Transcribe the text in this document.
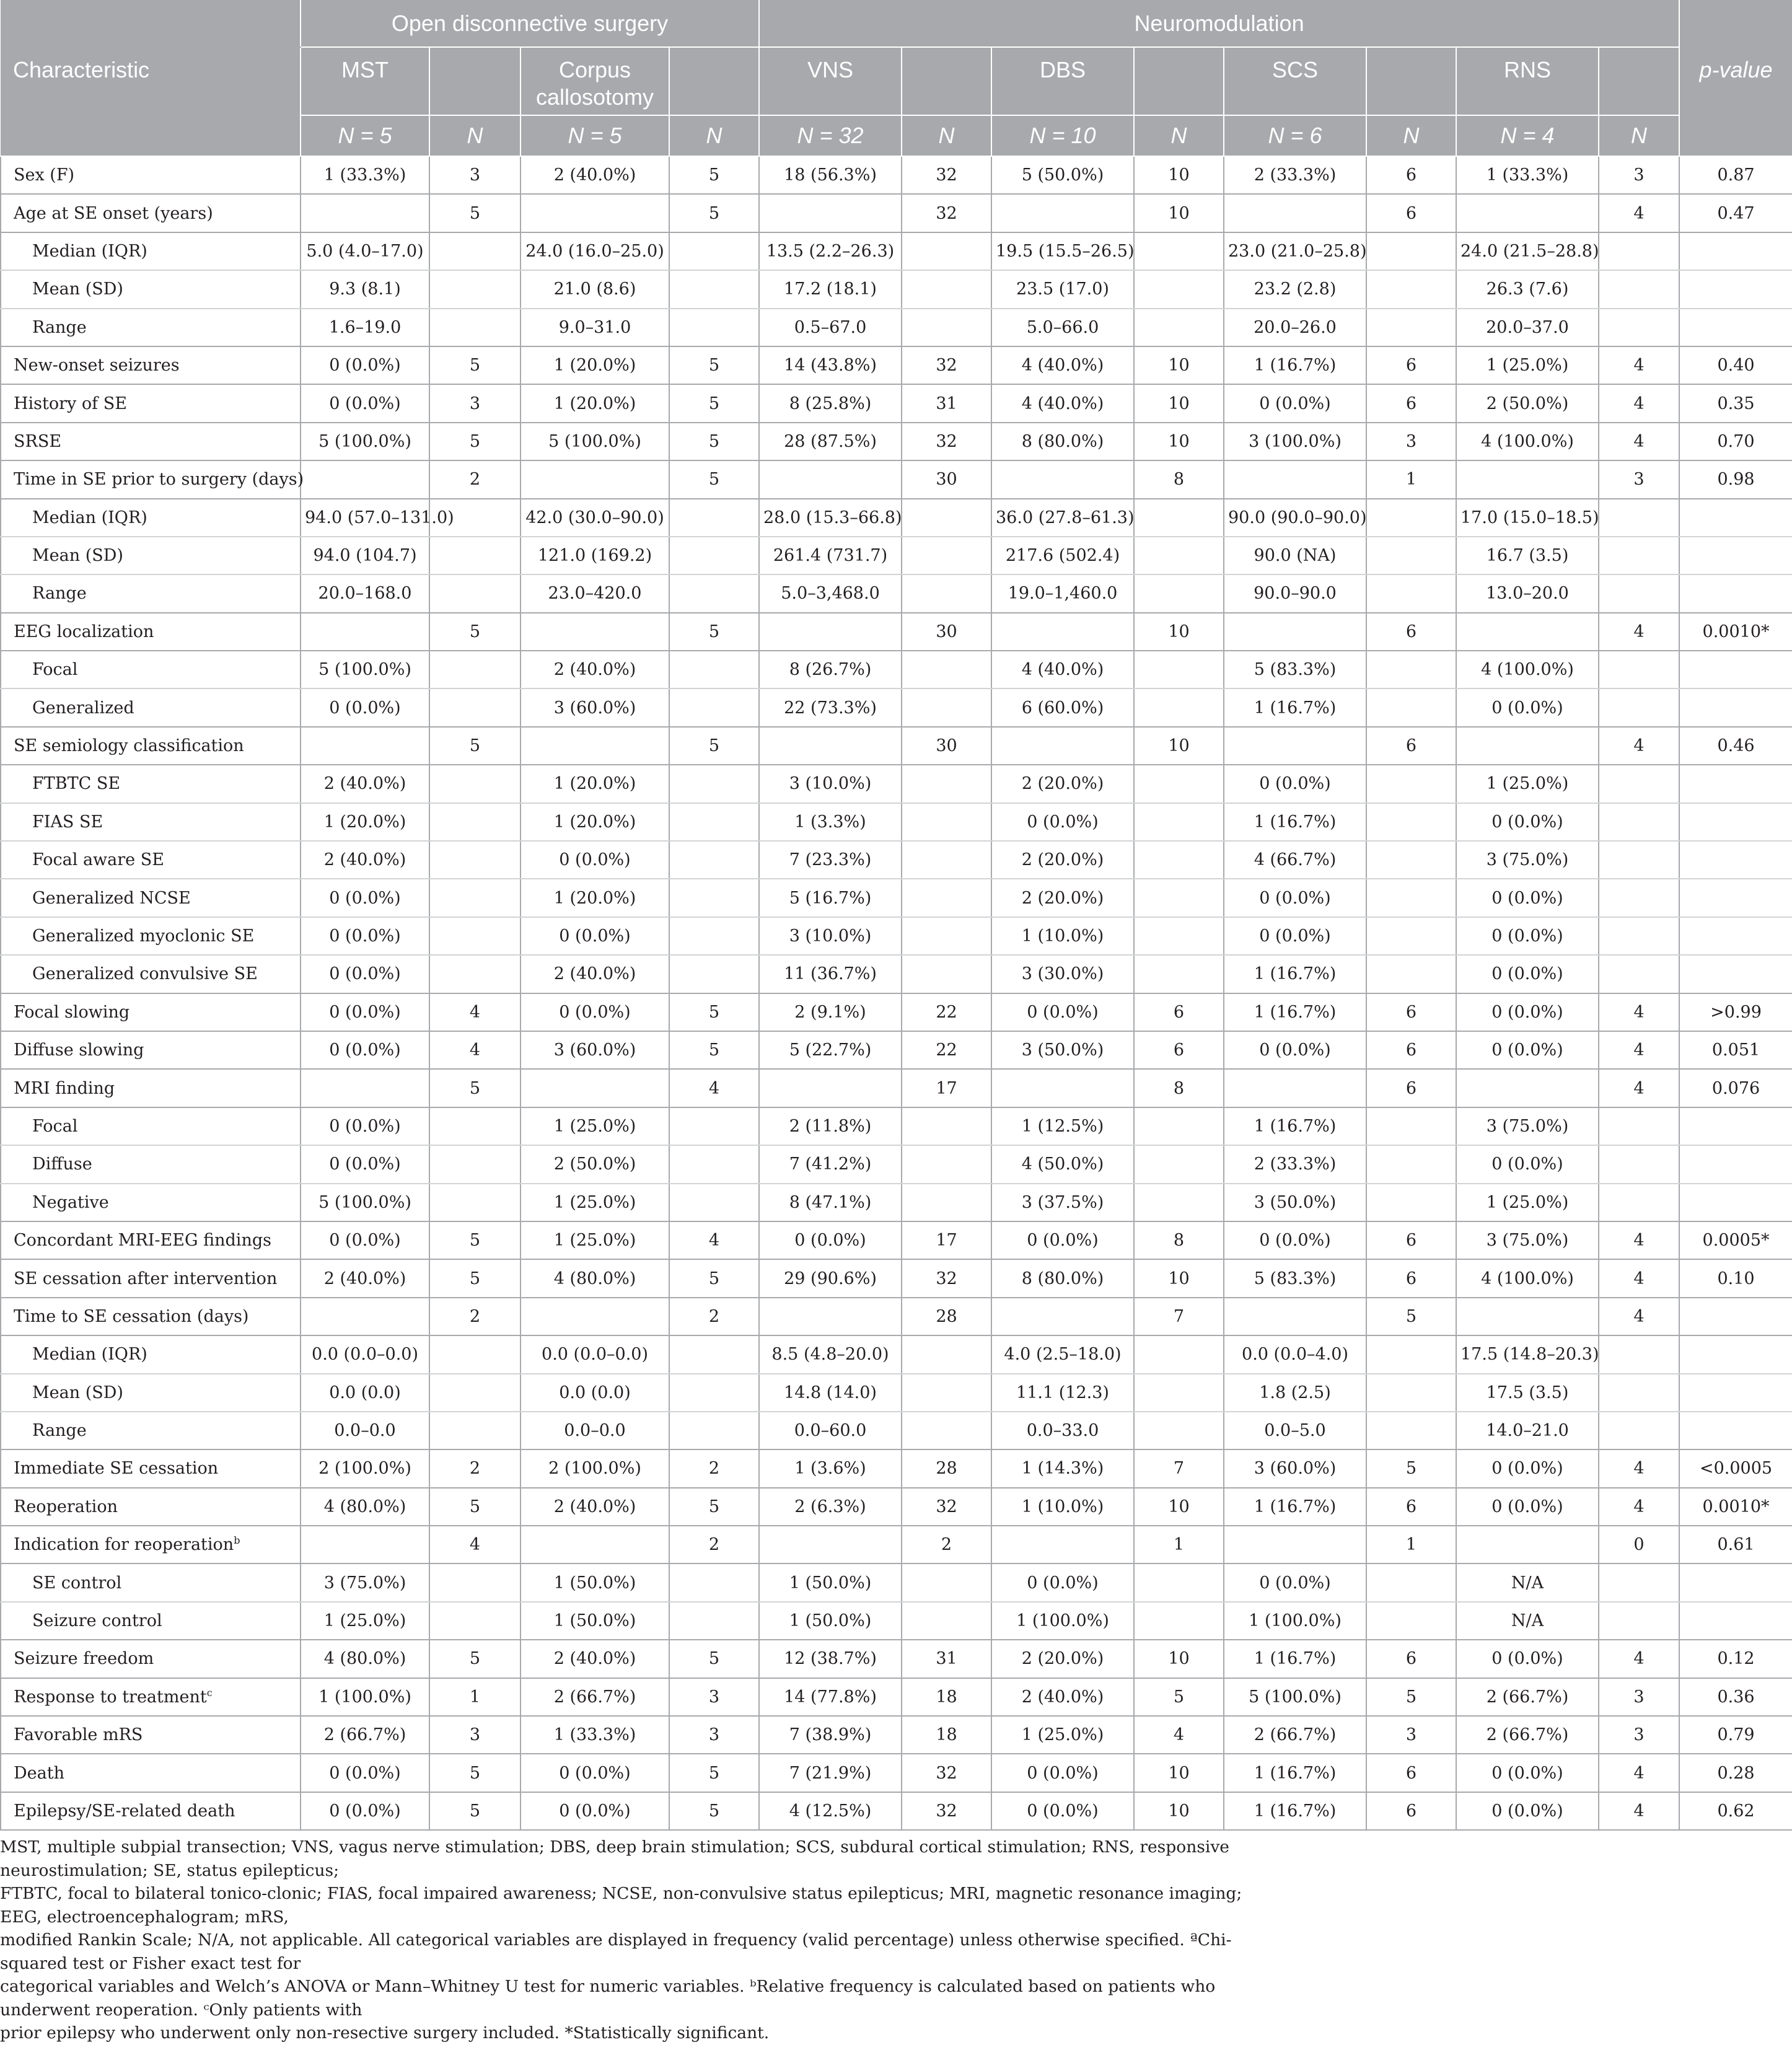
	Open disconnective surgery				Neuromodulation								
Characteristic	MST		Corpus callosotomy		VNS		DBS		SCS		RNS		p-value
	N = 5	N	N = 5	N	N = 32	N	N = 10	N	N = 6	N	N = 4	N	
Sex (F)	1 (33.3%)	3	2 (40.0%)	5	18 (56.3%)	32	5 (50.0%)	10	2 (33.3%)	6	1 (33.3%)	3	0.87
Age at SE onset (years)		5		5		32		10		6		4	0.47
Median (IQR)	5.0 (4.0–17.0)		24.0 (16.0–25.0)		13.5 (2.2–26.3)		19.5 (15.5–26.5)		23.0 (21.0–25.8)		24.0 (21.5–28.8)		
Mean (SD)	9.3 (8.1)		21.0 (8.6)		17.2 (18.1)		23.5 (17.0)		23.2 (2.8)		26.3 (7.6)		
Range	1.6–19.0		9.0–31.0		0.5–67.0		5.0–66.0		20.0–26.0		20.0–37.0		
New-onset seizures	0 (0.0%)	5	1 (20.0%)	5	14 (43.8%)	32	4 (40.0%)	10	1 (16.7%)	6	1 (25.0%)	4	0.40
History of SE	0 (0.0%)	3	1 (20.0%)	5	8 (25.8%)	31	4 (40.0%)	10	0 (0.0%)	6	2 (50.0%)	4	0.35
SRSE	5 (100.0%)	5	5 (100.0%)	5	28 (87.5%)	32	8 (80.0%)	10	3 (100.0%)	3	4 (100.0%)	4	0.70
Time in SE prior to surgery (days)		2		5		30		8		1		3	0.98
Median (IQR)	94.0 (57.0–131.0)		42.0 (30.0–90.0)		28.0 (15.3–66.8)		36.0 (27.8–61.3)		90.0 (90.0–90.0)		17.0 (15.0–18.5)		
Mean (SD)	94.0 (104.7)		121.0 (169.2)		261.4 (731.7)		217.6 (502.4)		90.0 (NA)		16.7 (3.5)		
Range	20.0–168.0		23.0–420.0		5.0–3,468.0		19.0–1,460.0		90.0–90.0		13.0–20.0		
EEG localization		5		5		30		10		6		4	0.0010*
Focal	5 (100.0%)		2 (40.0%)		8 (26.7%)		4 (40.0%)		5 (83.3%)		4 (100.0%)		
Generalized	0 (0.0%)		3 (60.0%)		22 (73.3%)		6 (60.0%)		1 (16.7%)		0 (0.0%)		
SE semiology classification		5		5		30		10		6		4	0.46
FTBTC SE	2 (40.0%)		1 (20.0%)		3 (10.0%)		2 (20.0%)		0 (0.0%)		1 (25.0%)		
FIAS SE	1 (20.0%)		1 (20.0%)		1 (3.3%)		0 (0.0%)		1 (16.7%)		0 (0.0%)		
Focal aware SE	2 (40.0%)		0 (0.0%)		7 (23.3%)		2 (20.0%)		4 (66.7%)		3 (75.0%)		
Generalized NCSE	0 (0.0%)		1 (20.0%)		5 (16.7%)		2 (20.0%)		0 (0.0%)		0 (0.0%)		
Generalized myoclonic SE	0 (0.0%)		0 (0.0%)		3 (10.0%)		1 (10.0%)		0 (0.0%)		0 (0.0%)		
Generalized convulsive SE	0 (0.0%)		2 (40.0%)		11 (36.7%)		3 (30.0%)		1 (16.7%)		0 (0.0%)		
Focal slowing	0 (0.0%)	4	0 (0.0%)	5	2 (9.1%)	22	0 (0.0%)	6	1 (16.7%)	6	0 (0.0%)	4	>0.99
Diffuse slowing	0 (0.0%)	4	3 (60.0%)	5	5 (22.7%)	22	3 (50.0%)	6	0 (0.0%)	6	0 (0.0%)	4	0.051
MRI finding		5		4		17		8		6		4	0.076
Focal	0 (0.0%)		1 (25.0%)		2 (11.8%)		1 (12.5%)		1 (16.7%)		3 (75.0%)		
Diffuse	0 (0.0%)		2 (50.0%)		7 (41.2%)		4 (50.0%)		2 (33.3%)		0 (0.0%)		
Negative	5 (100.0%)		1 (25.0%)		8 (47.1%)		3 (37.5%)		3 (50.0%)		1 (25.0%)		
Concordant MRI-EEG findings	0 (0.0%)	5	1 (25.0%)	4	0 (0.0%)	17	0 (0.0%)	8	0 (0.0%)	6	3 (75.0%)	4	0.0005*
SE cessation after intervention	2 (40.0%)	5	4 (80.0%)	5	29 (90.6%)	32	8 (80.0%)	10	5 (83.3%)	6	4 (100.0%)	4	0.10
Time to SE cessation (days)		2		2		28		7		5		4	
Median (IQR)	0.0 (0.0–0.0)		0.0 (0.0–0.0)		8.5 (4.8–20.0)		4.0 (2.5–18.0)		0.0 (0.0–4.0)		17.5 (14.8–20.3)		
Mean (SD)	0.0 (0.0)		0.0 (0.0)		14.8 (14.0)		11.1 (12.3)		1.8 (2.5)		17.5 (3.5)		
Range	0.0–0.0		0.0–0.0		0.0–60.0		0.0–33.0		0.0–5.0		14.0–21.0		
Immediate SE cessation	2 (100.0%)	2	2 (100.0%)	2	1 (3.6%)	28	1 (14.3%)	7	3 (60.0%)	5	0 (0.0%)	4	<0.0005
Reoperation	4 (80.0%)	5	2 (40.0%)	5	2 (6.3%)	32	1 (10.0%)	10	1 (16.7%)	6	0 (0.0%)	4	0.0010*
Indication for reoperation$^b$		4		2		2		1		1		0	0.61
SE control	3 (75.0%)		1 (50.0%)		1 (50.0%)		0 (0.0%)		0 (0.0%)		N/A		
Seizure control	1 (25.0%)		1 (50.0%)		1 (50.0%)		1 (100.0%)		1 (100.0%)		N/A		
Seizure freedom	4 (80.0%)	5	2 (40.0%)	5	12 (38.7%)	31	2 (20.0%)	10	1 (16.7%)	6	0 (0.0%)	4	0.12
Response to treatment$^c$	1 (100.0%)	1	2 (66.7%)	3	14 (77.8%)	18	2 (40.0%)	5	5 (100.0%)	5	2 (66.7%)	3	0.36
Favorable mRS	2 (66.7%)	3	1 (33.3%)	3	7 (38.9%)	18	1 (25.0%)	4	2 (66.7%)	3	2 (66.7%)	3	0.79
Death	0 (0.0%)	5	0 (0.0%)	5	7 (21.9%)	32	0 (0.0%)	10	1 (16.7%)	6	0 (0.0%)	4	0.28
Epilepsy/SE-related death	0 (0.0%)	5	0 (0.0%)	5	4 (12.5%)	32	0 (0.0%)	10	1 (16.7%)	6	0 (0.0%)	4	0.62

MST, multiple subpial transection; VNS, vagus nerve stimulation; DBS, deep brain stimulation; SCS, subdural cortical stimulation; RNS, responsive neurostimulation; SE, status epilepticus;

FTBTC, focal to bilateral tonico-clonic; FIAS, focal impaired awareness; NCSE, non-convulsive status epilepticus; MRI, magnetic resonance imaging; EEG, electroencephalogram; mRS,

modified Rankin Scale; N/A, not applicable. All categorical variables are displayed in frequency (valid percentage) unless otherwise specified. ªChi-squared test or Fisher exact test for

categorical variables and Welch’s ANOVA or Mann–Whitney U test for numeric variables. ᵇRelative frequency is calculated based on patients who underwent reoperation. ᶜOnly patients with

prior epilepsy who underwent only non-resective surgery included. *Statistically significant.
